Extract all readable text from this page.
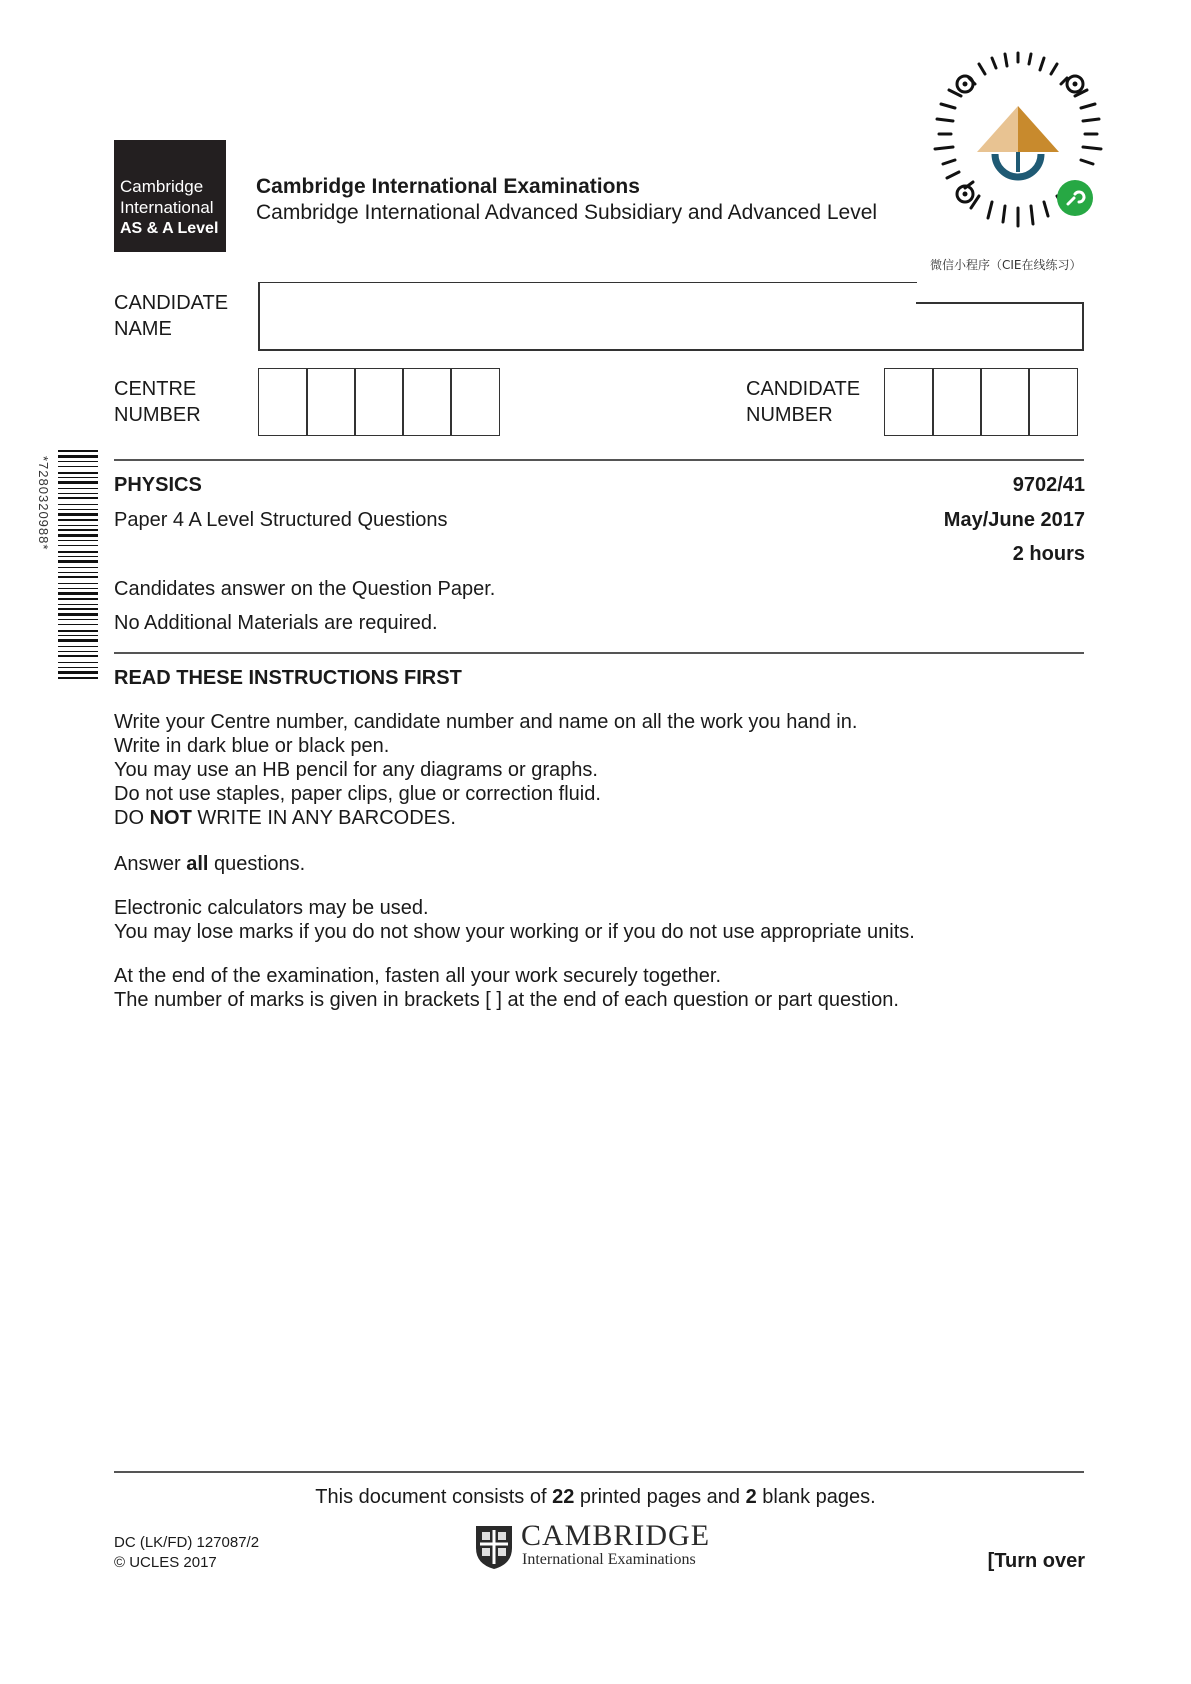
Cambridge
International
AS & A Level
Cambridge International Examinations
Cambridge International Advanced Subsidiary and Advanced Level
微信小程序（CIE在线练习）
CANDIDATE
NAME
CENTRE
NUMBER
CANDIDATE
NUMBER
*7280320988*	PHYSICS	9702/41
Paper 4 A Level Structured Questions	May/June 2017
2 hours
Candidates answer on the Question Paper.
No Additional Materials are required.
READ THESE INSTRUCTIONS FIRST
Write your Centre number, candidate number and name on all the work you hand in.
Write in dark blue or black pen.
You may use an HB pencil for any diagrams or graphs.
Do not use staples, paper clips, glue or correction fluid.
DO NOT WRITE IN ANY BARCODES.
Answer all questions.
Electronic calculators may be used.
You may lose marks if you do not show your working or if you do not use appropriate units.
At the end of the examination, fasten all your work securely together.
The number of marks is given in brackets [ ] at the end of each question or part question.
This document consists of 22 printed pages and 2 blank pages.
DC (LK/FD) 127087/2
© UCLES 2017
CAMBRIDGE
International Examinations	[Turn over
